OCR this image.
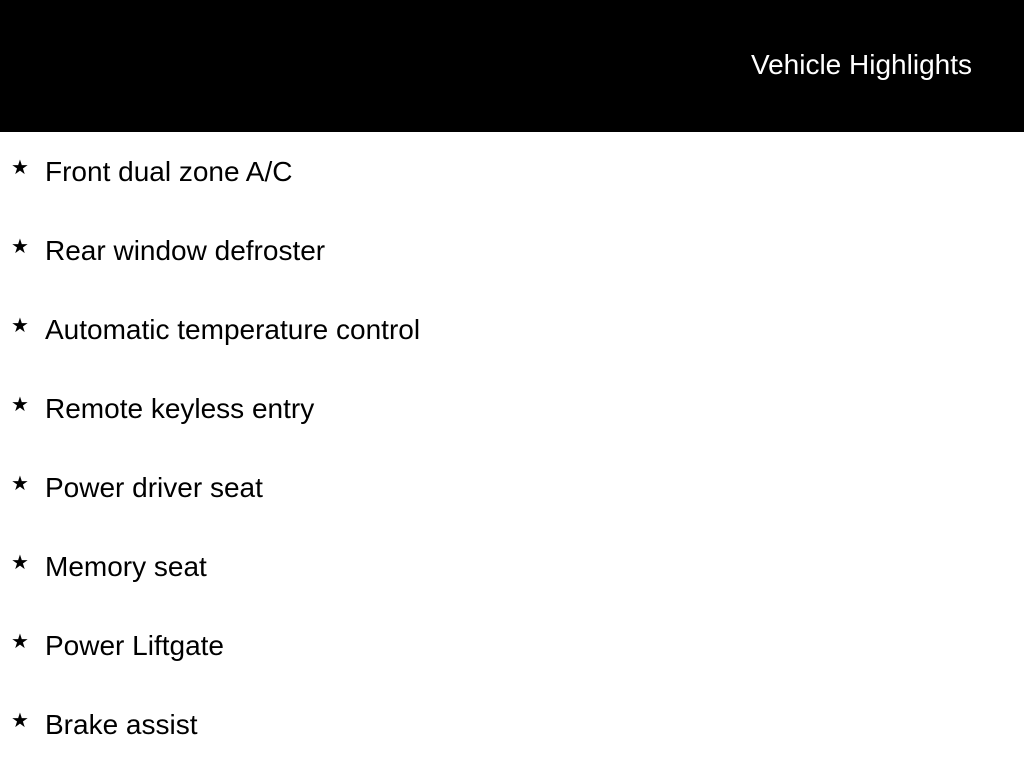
Vehicle Highlights
★ Front dual zone A/C
★ Rear window defroster
★ Automatic temperature control
★ Remote keyless entry
★ Power driver seat
★ Memory seat
★ Power Liftgate
★ Brake assist
